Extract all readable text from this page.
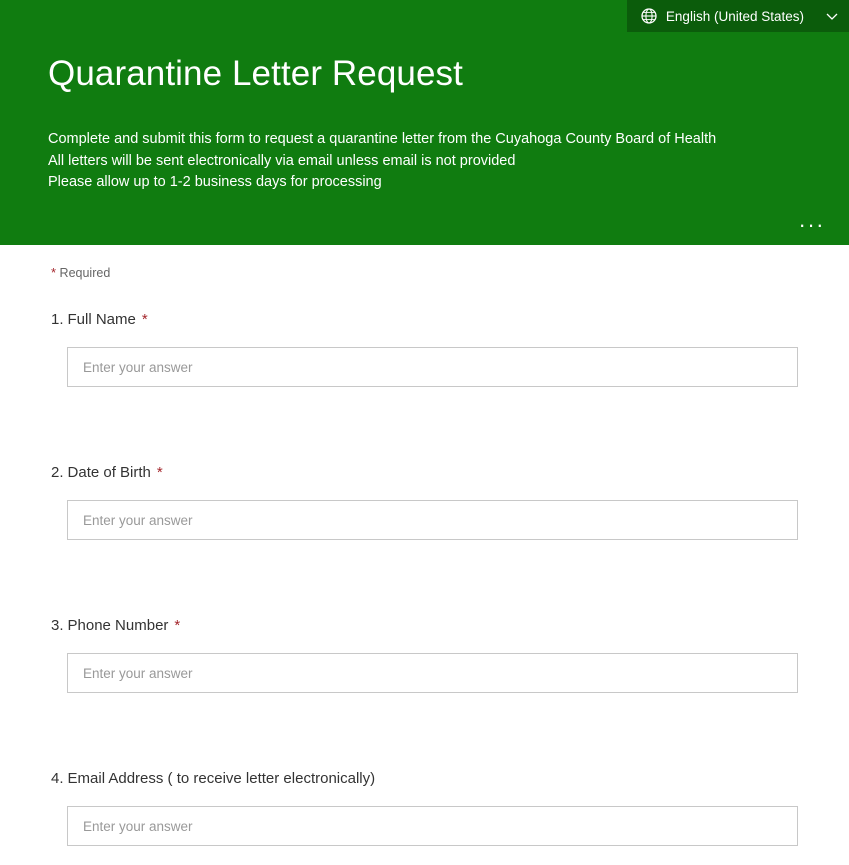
English (United States)
Quarantine Letter Request
Complete and submit this form to request a quarantine letter from the Cuyahoga County Board of Health
All letters will be sent electronically via email unless email is not provided
Please allow up to 1-2 business days for processing
···
* Required
1. Full Name *
Enter your answer
2. Date of Birth *
Enter your answer
3. Phone Number *
Enter your answer
4. Email Address ( to receive letter electronically)
Enter your answer
